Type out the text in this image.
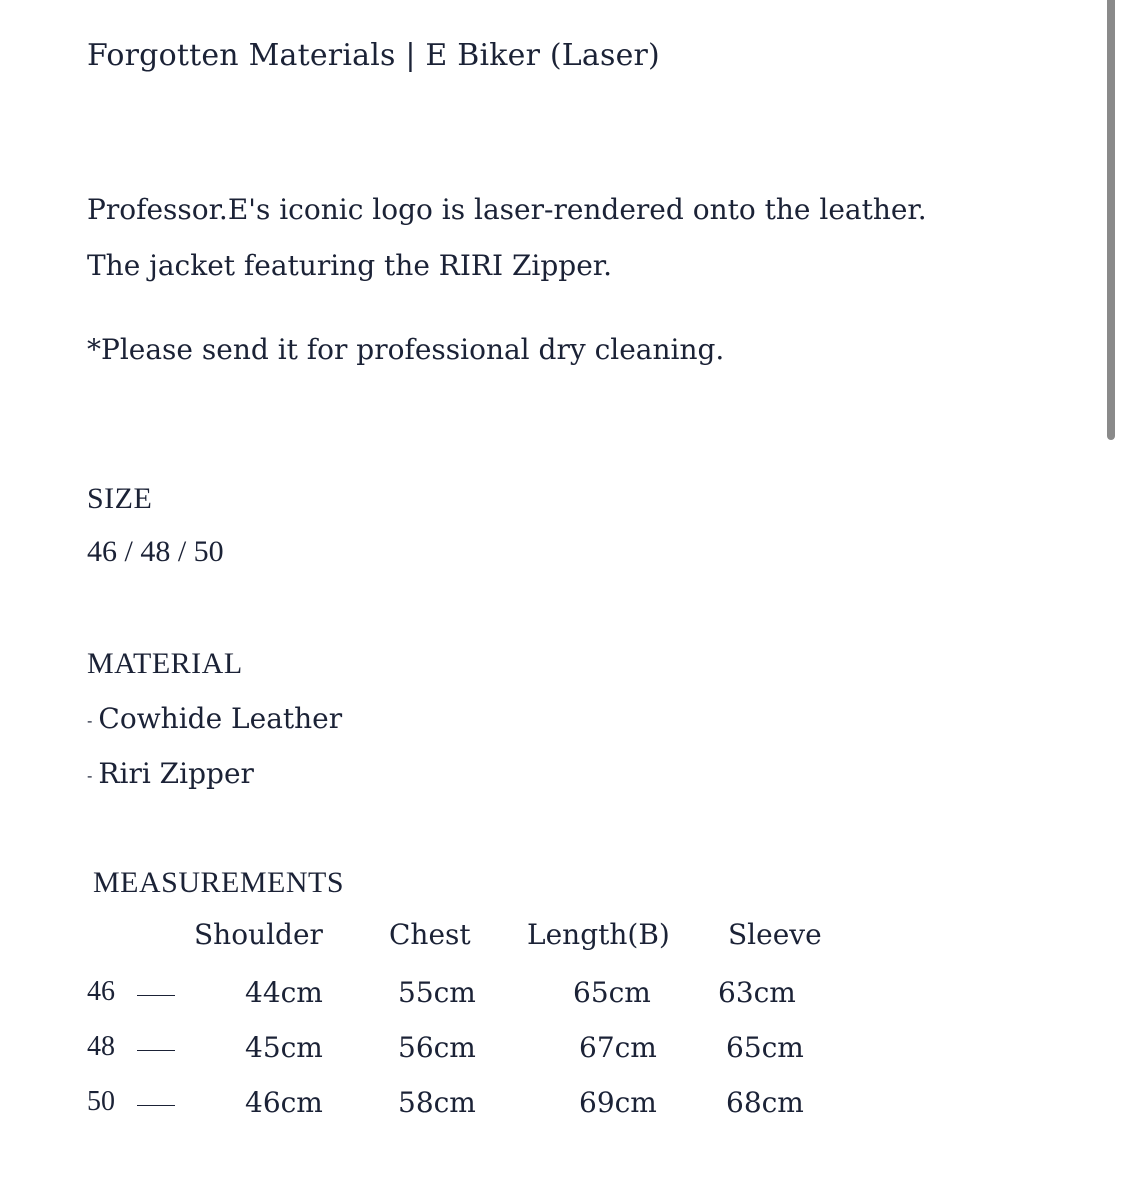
Forgotten Materials | E Biker (Laser)
Professor.E's iconic logo is laser-rendered onto the leather. The jacket featuring the RIRI Zipper.
*Please send it for professional dry cleaning.
SIZE
46 / 48 / 50
MATERIAL
- Cowhide Leather
- Riri Zipper
MEASUREMENTS
Shoulder Chest Length(B) Sleeve
46	44cm	55cm	65cm 63cm
48	45cm	56cm	67cm 65cm
50	46cm	58cm	69cm 68cm
